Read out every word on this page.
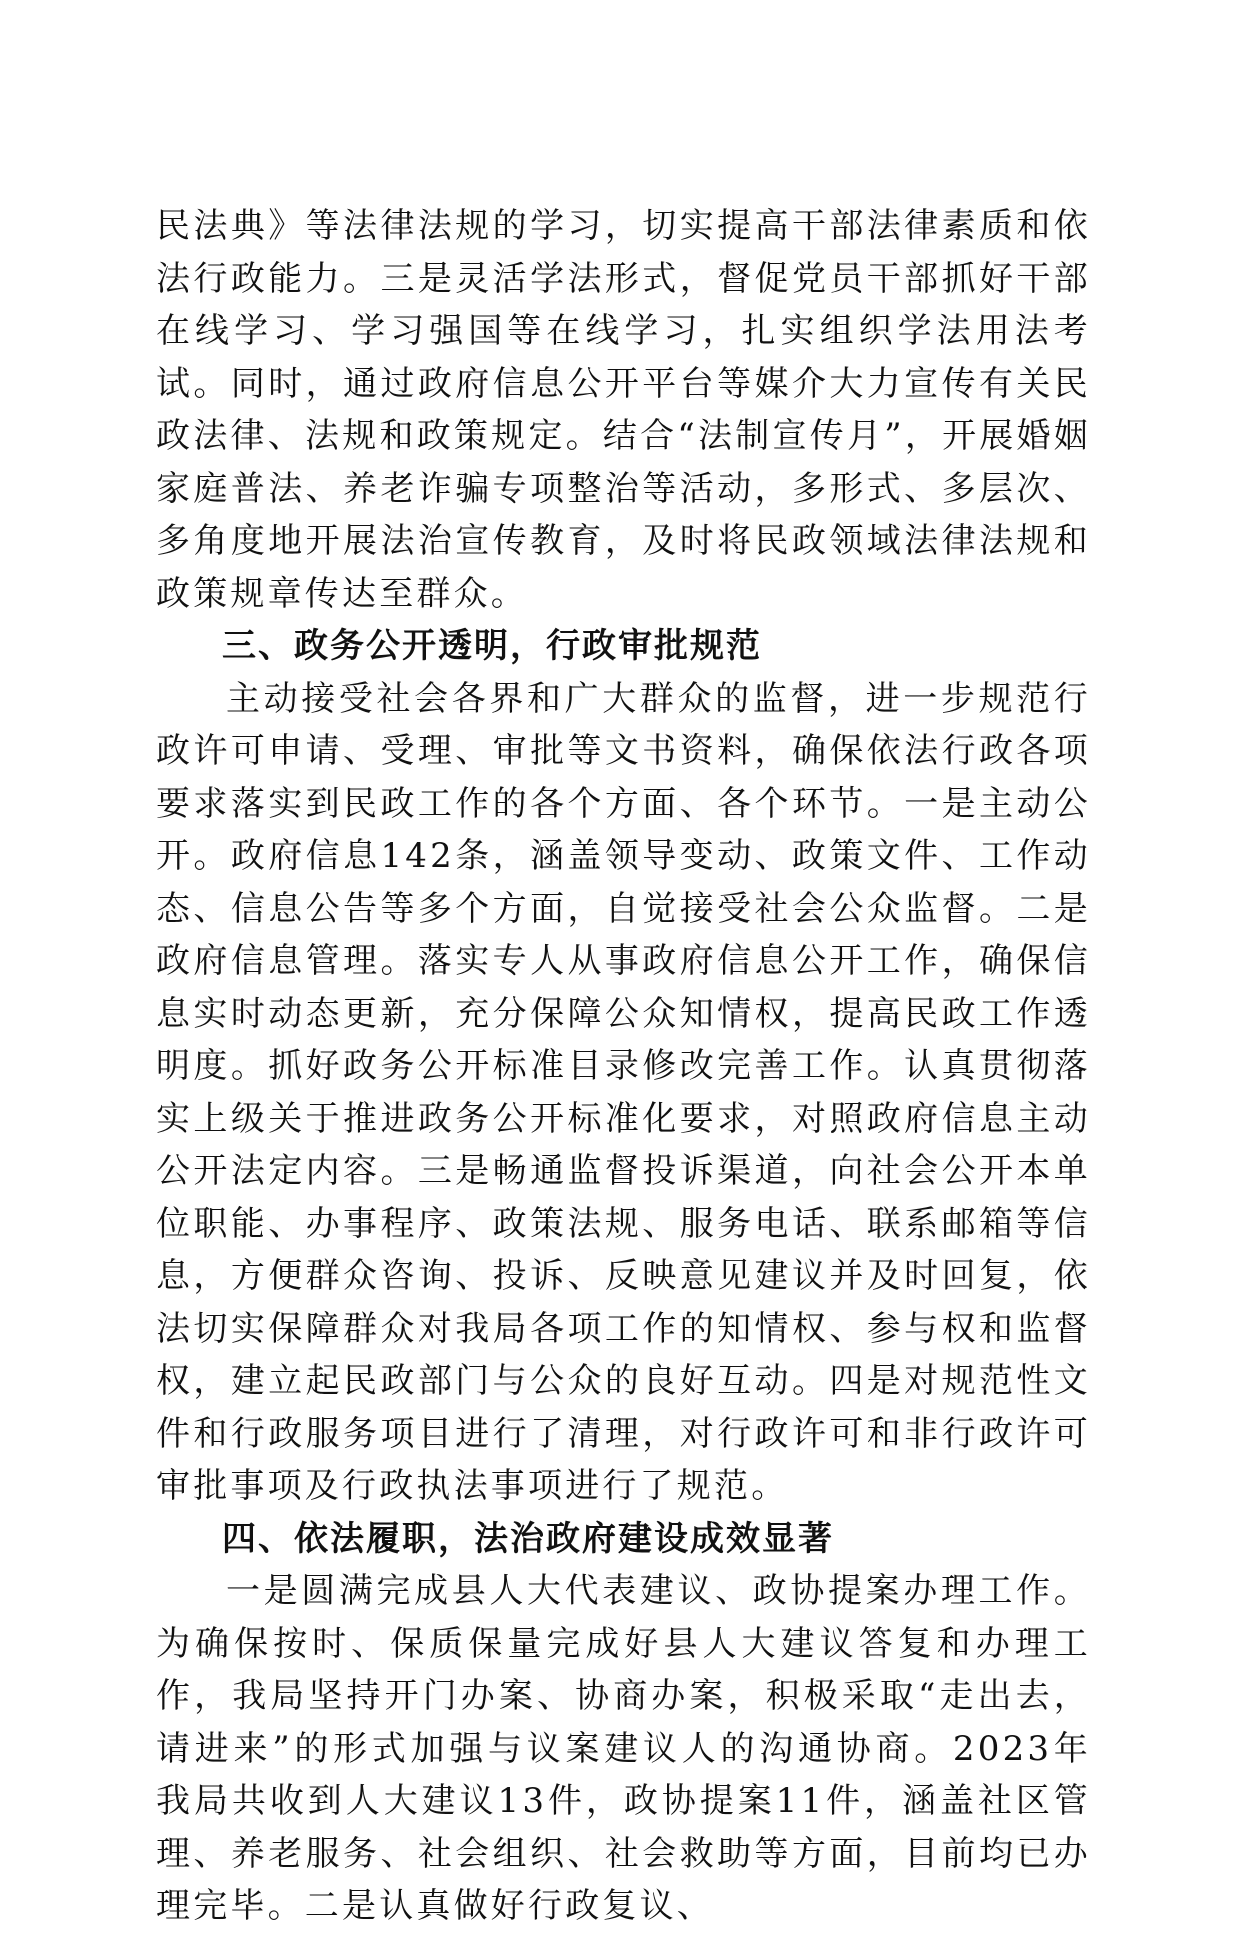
民法典》等法律法规的学习，切实提高干部法律素质和依法行政能力。三是灵活学法形式，督促党员干部抓好干部在线学习、学习强国等在线学习，扎实组织学法用法考试。同时，通过政府信息公开平台等媒介大力宣传有关民政法律、法规和政策规定。结合“法制宣传月”，开展婚姻家庭普法、养老诈骗专项整治等活动，多形式、多层次、多角度地开展法治宣传教育，及时将民政领域法律法规和政策规章传达至群众。

三、政务公开透明，行政审批规范

主动接受社会各界和广大群众的监督，进一步规范行政许可申请、受理、审批等文书资料，确保依法行政各项要求落实到民政工作的各个方面、各个环节。一是主动公开。政府信息142条，涵盖领导变动、政策文件、工作动态、信息公告等多个方面，自觉接受社会公众监督。二是政府信息管理。落实专人从事政府信息公开工作，确保信息实时动态更新，充分保障公众知情权，提高民政工作透明度。抓好政务公开标准目录修改完善工作。认真贯彻落实上级关于推进政务公开标准化要求，对照政府信息主动公开法定内容。三是畅通监督投诉渠道，向社会公开本单位职能、办事程序、政策法规、服务电话、联系邮箱等信息，方便群众咨询、投诉、反映意见建议并及时回复，依法切实保障群众对我局各项工作的知情权、参与权和监督权，建立起民政部门与公众的良好互动。四是对规范性文件和行政服务项目进行了清理，对行政许可和非行政许可审批事项及行政执法事项进行了规范。

四、依法履职，法治政府建设成效显著

一是圆满完成县人大代表建议、政协提案办理工作。为确保按时、保质保量完成好县人大建议答复和办理工作，我局坚持开门办案、协商办案，积极采取“走出去，请进来”的形式加强与议案建议人的沟通协商。2023年我局共收到人大建议13件，政协提案11件，涵盖社区管理、养老服务、社会组织、社会救助等方面，目前均已办理完毕。二是认真做好行政复议、
